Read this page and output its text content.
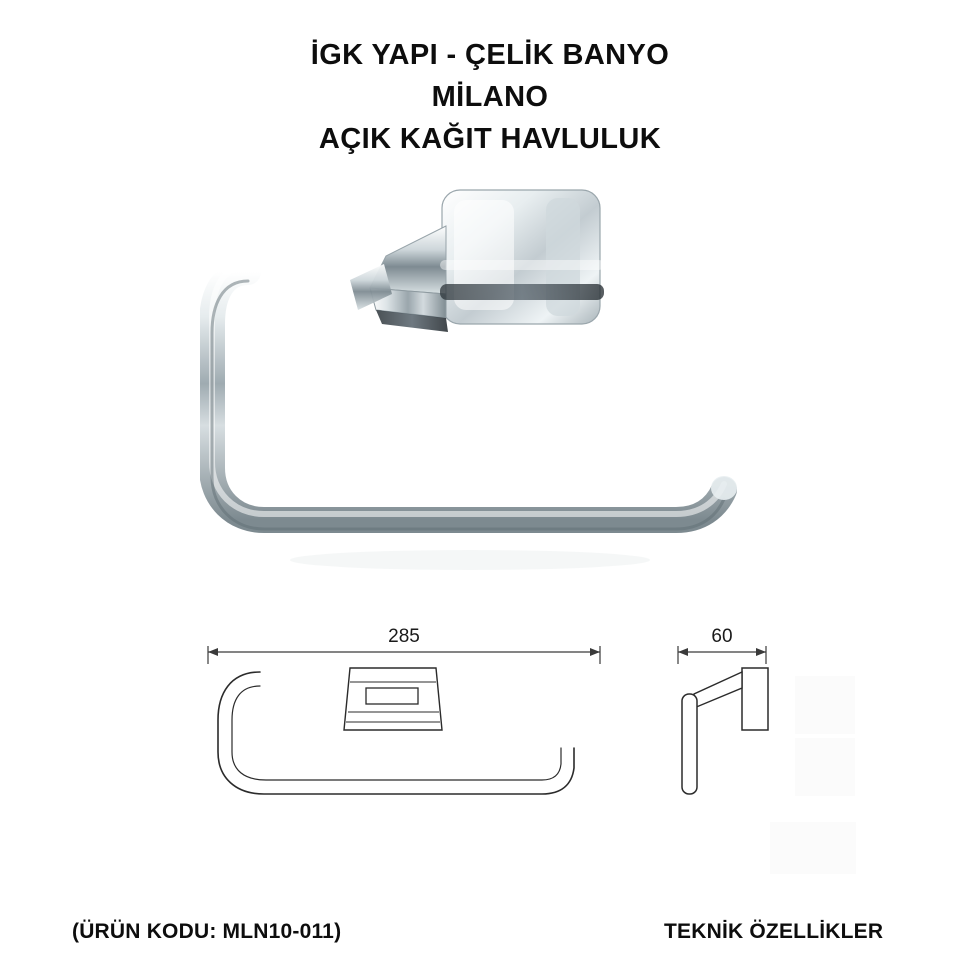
İGK YAPI - ÇELİK BANYO
MİLANO
AÇIK KAĞIT HAVLULUK
285	60
(ÜRÜN KODU: MLN10-011)	TEKNİK ÖZELLİKLER
